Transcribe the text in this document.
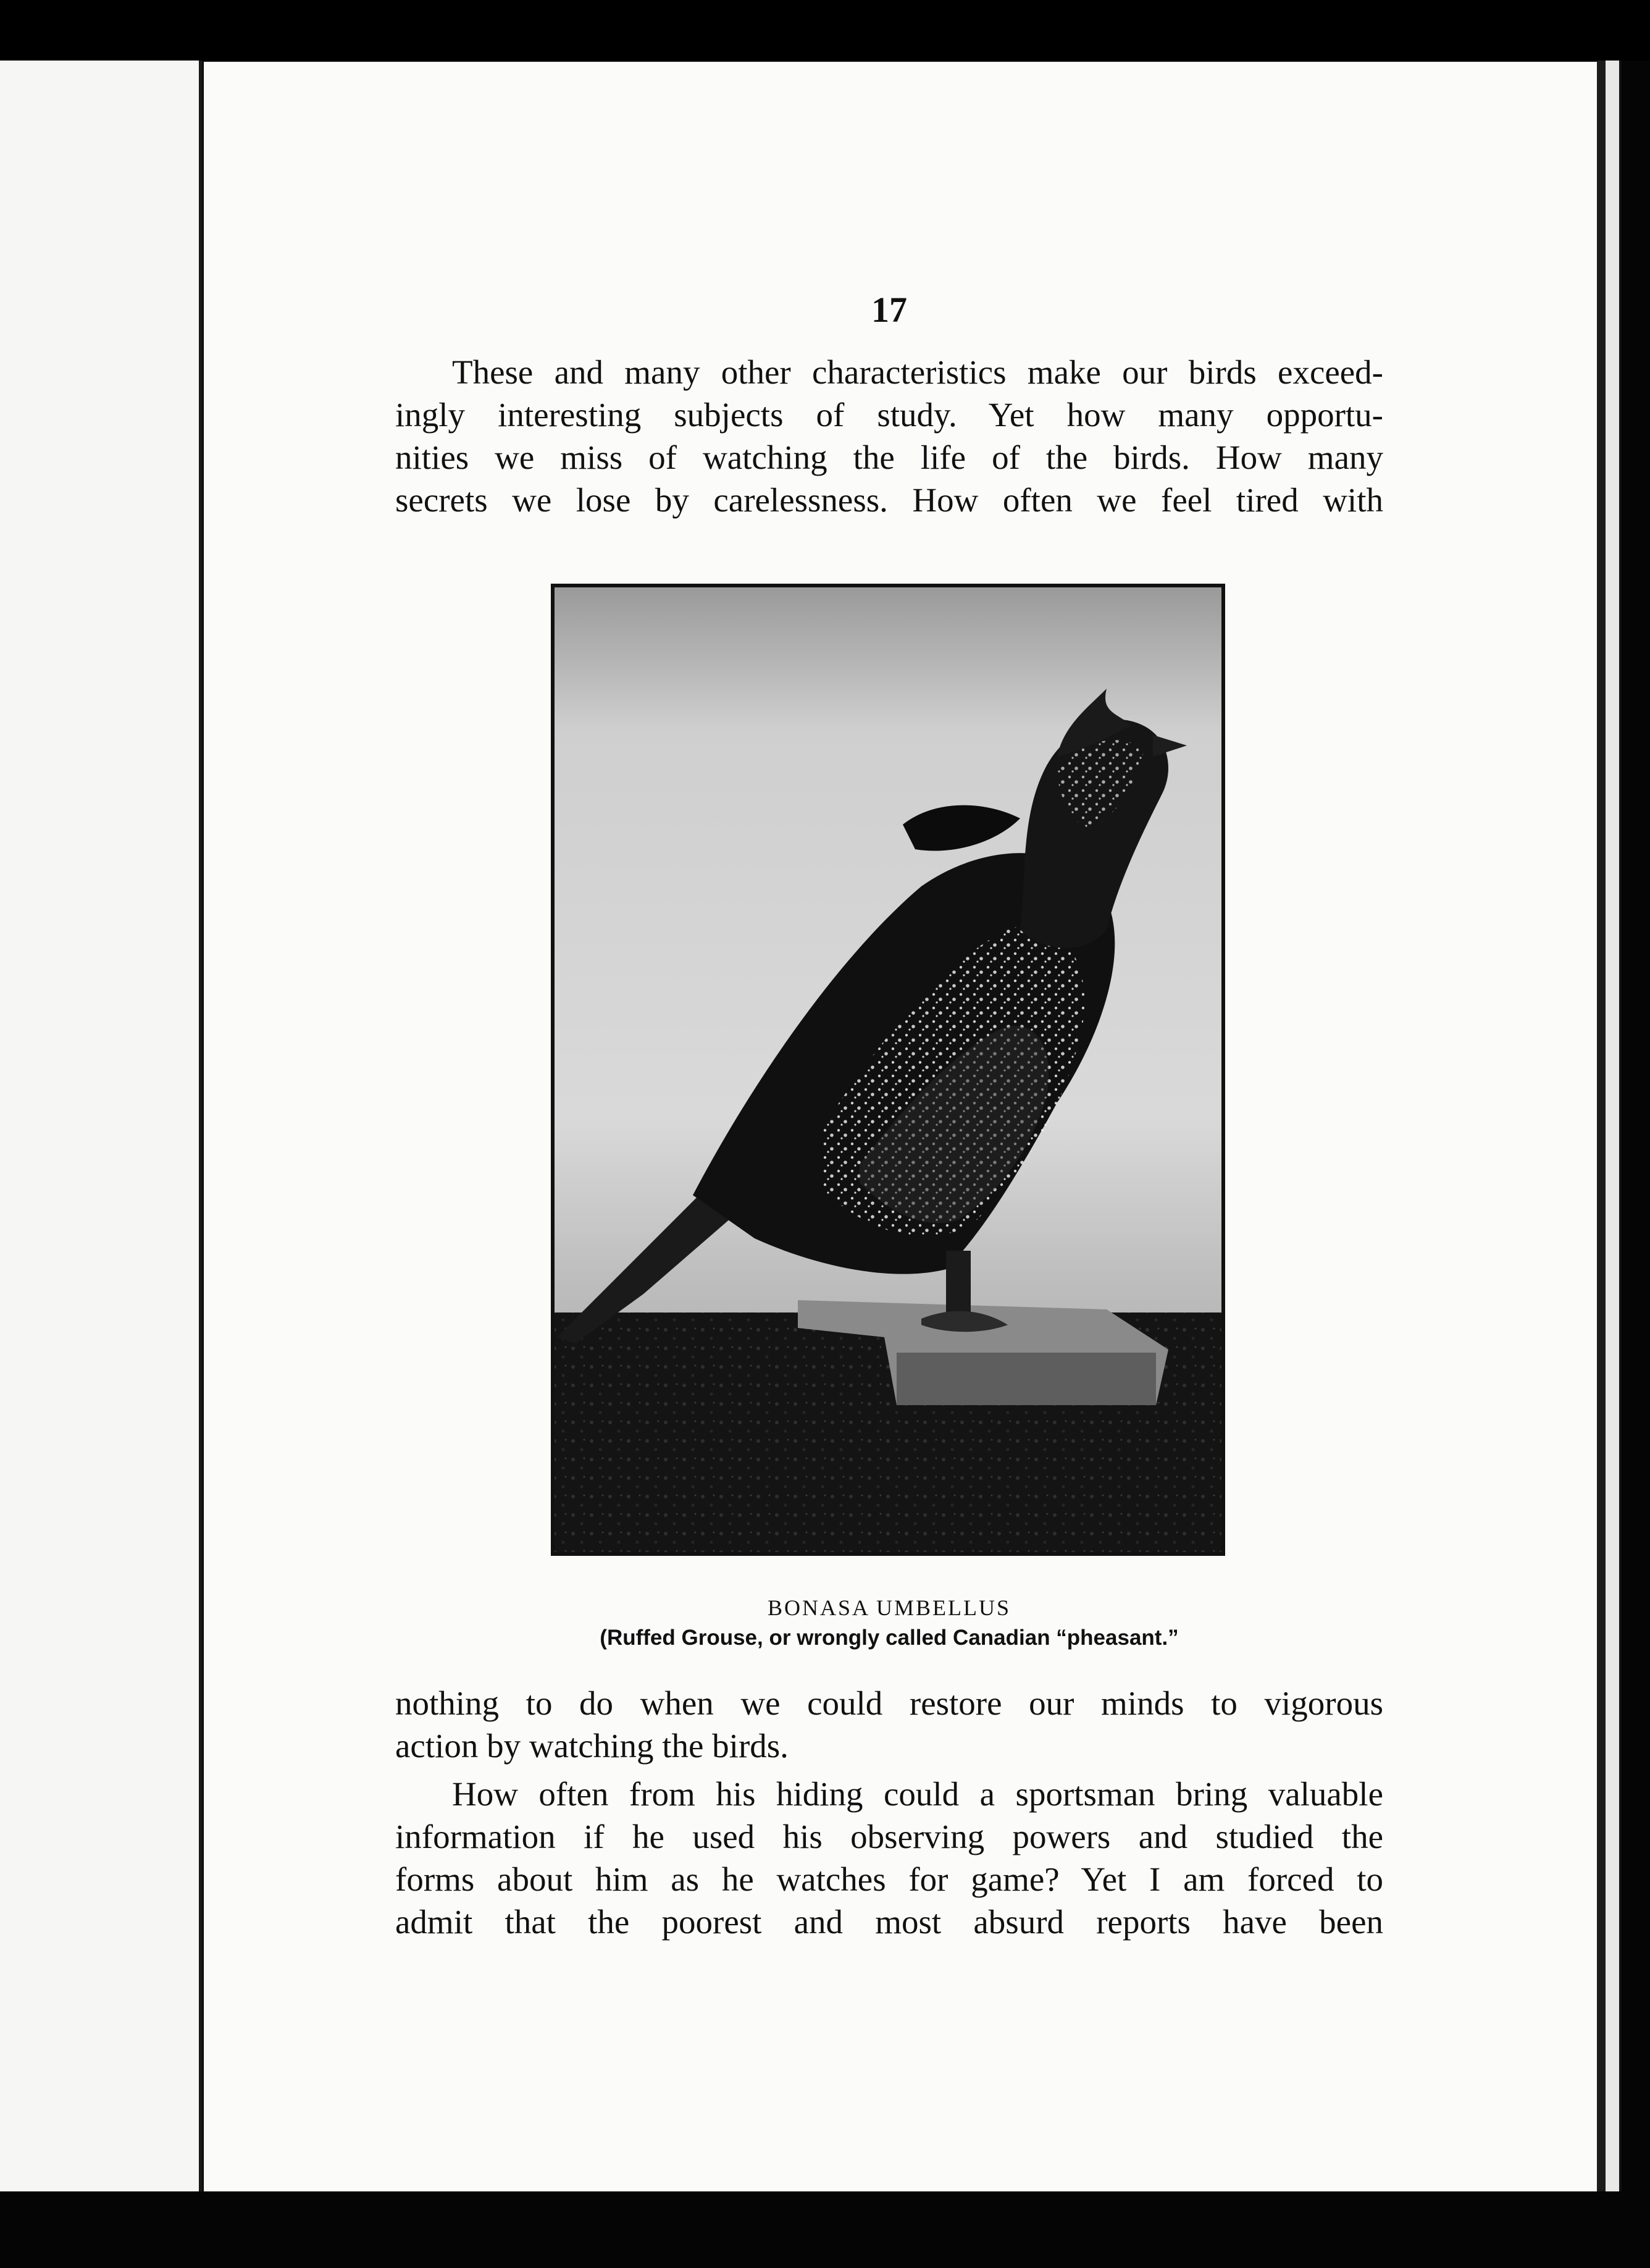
17
These and many other characteristics make our birds exceed-
ingly interesting subjects of study. Yet how many opportu-
nities we miss of watching the life of the birds. How many
secrets we lose by carelessness. How often we feel tired with
BONASA UMBELLUS
(Ruffed Grouse, or wrongly called Canadian “pheasant.”
nothing to do when we could restore our minds to vigorous
action by watching the birds.
How often from his hiding could a sportsman bring valuable
information if he used his observing powers and studied the
forms about him as he watches for game? Yet I am forced to
admit that the poorest and most absurd reports have been
